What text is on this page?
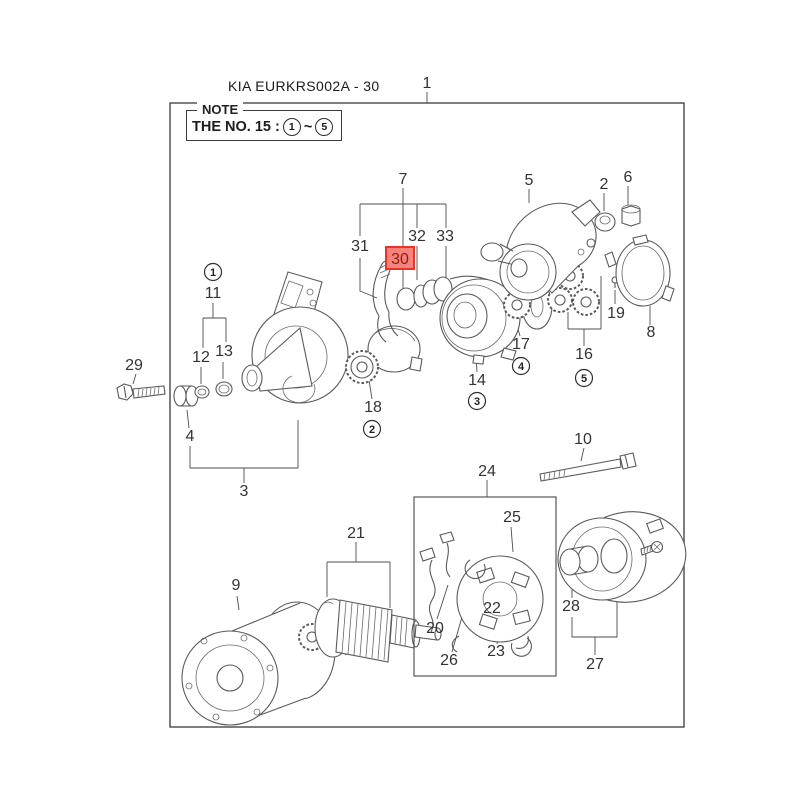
KIA EURKRS002A - 30
30
1
2
3
4
5	6
7
8
9
10
11
12 13
14
16
17
18
19
20
21
22
23
24
25
26	27
28
29
31
32 33
1
2
3
4
5
NOTE
THE NO. 15 : 1 ~ 5
